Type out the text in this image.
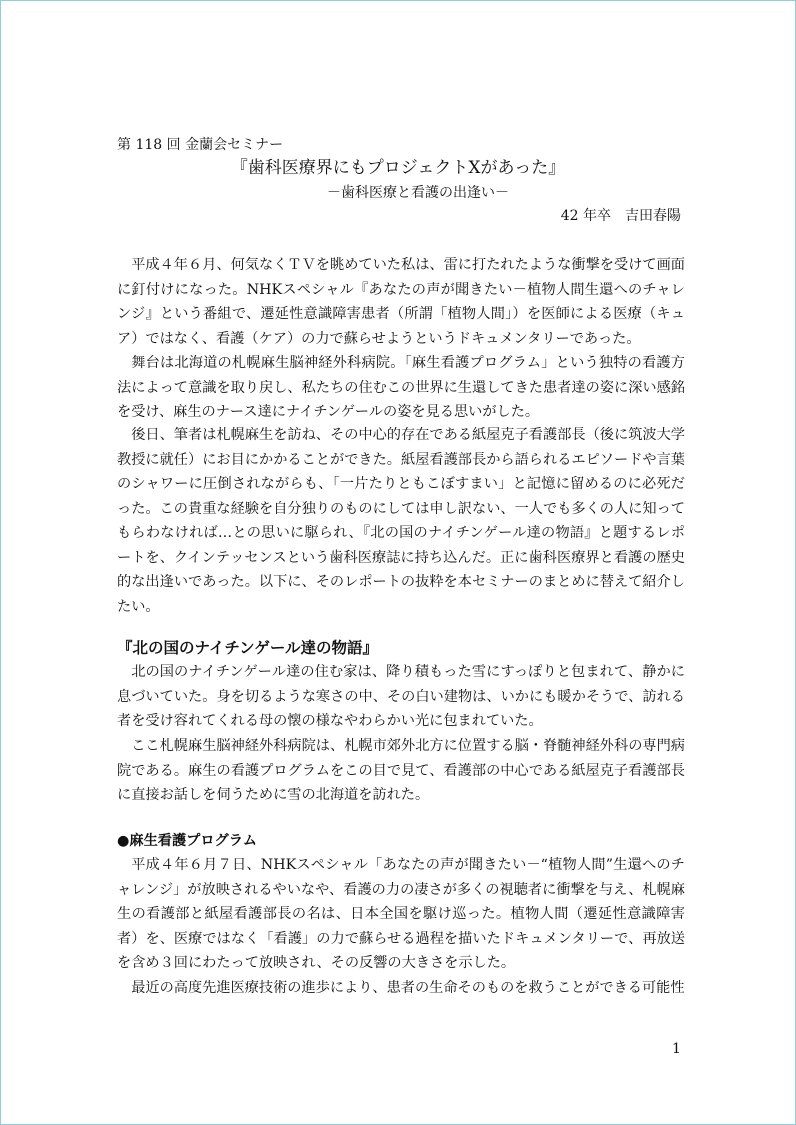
第 118 回 金蘭会セミナー
『歯科医療界にもプロジェクトXがあった』
－歯科医療と看護の出逢い－
42 年卒　吉田春陽

平成４年６月、何気なくＴＶを眺めていた私は、雷に打たれたような衝撃を受けて画面に釘付けになった。NHKスペシャル『あなたの声が聞きたい－植物人間生還へのチャレンジ』という番組で、遷延性意識障害患者（所謂「植物人間」）を医師による医療（キュア）ではなく、看護（ケア）の力で蘇らせようというドキュメンタリーであった。

舞台は北海道の札幌麻生脳神経外科病院。「麻生看護プログラム」という独特の看護方法によって意識を取り戻し、私たちの住むこの世界に生還してきた患者達の姿に深い感銘を受け、麻生のナース達にナイチンゲールの姿を見る思いがした。

後日、筆者は札幌麻生を訪ね、その中心的存在である紙屋克子看護部長（後に筑波大学教授に就任）にお目にかかることができた。紙屋看護部長から語られるエピソードや言葉のシャワーに圧倒されながらも、「一片たりともこぼすまい」と記憶に留めるのに必死だった。この貴重な経験を自分独りのものにしては申し訳ない、一人でも多くの人に知ってもらわなければ…との思いに駆られ、『北の国のナイチンゲール達の物語』と題するレポートを、クインテッセンスという歯科医療誌に持ち込んだ。正に歯科医療界と看護の歴史的な出逢いであった。以下に、そのレポートの抜粋を本セミナーのまとめに替えて紹介したい。

『北の国のナイチンゲール達の物語』

北の国のナイチンゲール達の住む家は、降り積もった雪にすっぽりと包まれて、静かに息づいていた。身を切るような寒さの中、その白い建物は、いかにも暖かそうで、訪れる者を受け容れてくれる母の懐の様なやわらかい光に包まれていた。

ここ札幌麻生脳神経外科病院は、札幌市郊外北方に位置する脳・脊髄神経外科の専門病院である。麻生の看護プログラムをこの目で見て、看護部の中心である紙屋克子看護部長に直接お話しを伺うために雪の北海道を訪れた。

●麻生看護プログラム

平成４年６月７日、NHKスペシャル「あなたの声が聞きたい－“植物人間”生還へのチャレンジ」が放映されるやいなや、看護の力の凄さが多くの視聴者に衝撃を与え、札幌麻生の看護部と紙屋看護部長の名は、日本全国を駆け巡った。植物人間（遷延性意識障害者）を、医療ではなく「看護」の力で蘇らせる過程を描いたドキュメンタリーで、再放送を含め３回にわたって放映され、その反響の大きさを示した。

最近の高度先進医療技術の進歩により、患者の生命そのものを救うことができる可能性

1
